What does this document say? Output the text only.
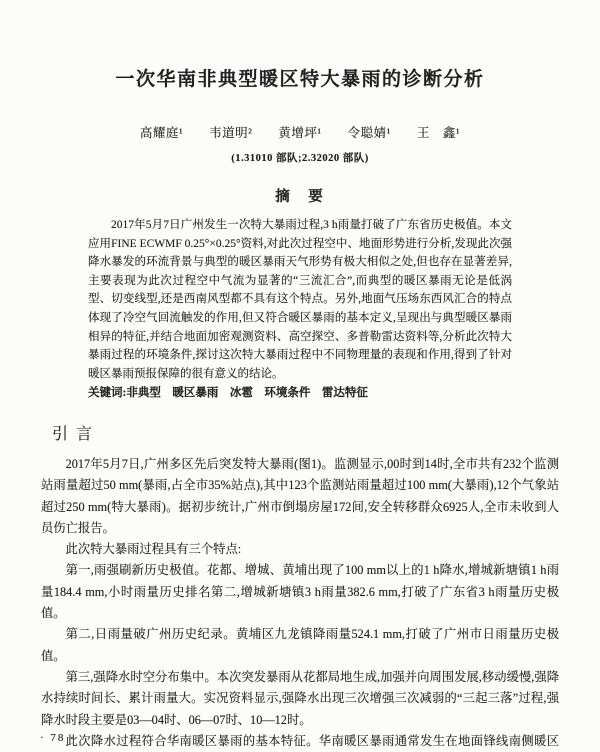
一次华南非典型暖区特大暴雨的诊断分析
高耀庭¹　　韦道明²　　黄增坪¹　　令聪婧¹　　王　鑫¹
(1.31010 部队;2.32020 部队)
摘　要
2017年5月7日广州发生一次特大暴雨过程,3 h雨量打破了广东省历史极值。本文应用FINE ECWMF 0.25°×0.25°资料,对此次过程空中、地面形势进行分析,发现此次强降水暴发的环流背景与典型的暖区暴雨天气形势有极大相似之处,但也存在显著差异,主要表现为此次过程空中气流为显著的“三流汇合”,而典型的暖区暴雨无论是低涡型、切变线型,还是西南风型都不具有这个特点。另外,地面气压场东西风汇合的特点体现了冷空气回流触发的作用,但又符合暖区暴雨的基本定义,呈现出与典型暖区暴雨相异的特征,并结合地面加密观测资料、高空探空、多普勒雷达资料等,分析此次特大暴雨过程的环境条件,探讨这次特大暴雨过程中不同物理量的表现和作用,得到了针对暖区暴雨预报保障的很有意义的结论。
关键词:非典型　暖区暴雨　冰雹　环境条件　雷达特征
引 言

2017年5月7日,广州多区先后突发特大暴雨(图1)。监测显示,00时到14时,全市共有232个监测站雨量超过50 mm(暴雨,占全市35%站点),其中123个监测站雨量超过100 mm(大暴雨),12个气象站超过250 mm(特大暴雨)。据初步统计,广州市倒塌房屋172间,安全转移群众6925人,全市未收到人员伤亡报告。

此次特大暴雨过程具有三个特点:

第一,雨强刷新历史极值。花都、增城、黄埔出现了100 mm以上的1 h降水,增城新塘镇1 h雨量184.4 mm,小时雨量历史排名第二,增城新塘镇3 h雨量382.6 mm,打破了广东省3 h雨量历史极值。

第二,日雨量破广州历史纪录。黄埔区九龙镇降雨量524.1 mm,打破了广州市日雨量历史极值。

第三,强降水时空分布集中。本次突发暴雨从花都局地生成,加强并向周围发展,移动缓慢,强降水持续时间长、累计雨量大。实况资料显示,强降水出现三次增强三次减弱的“三起三落”过程,强降水时段主要是03—04时、06—07时、10—12时。

此次降水过程符合华南暖区暴雨的基本特征。华南暖区暴雨通常发生在地面锋线南侧暖区

· 78 ·
